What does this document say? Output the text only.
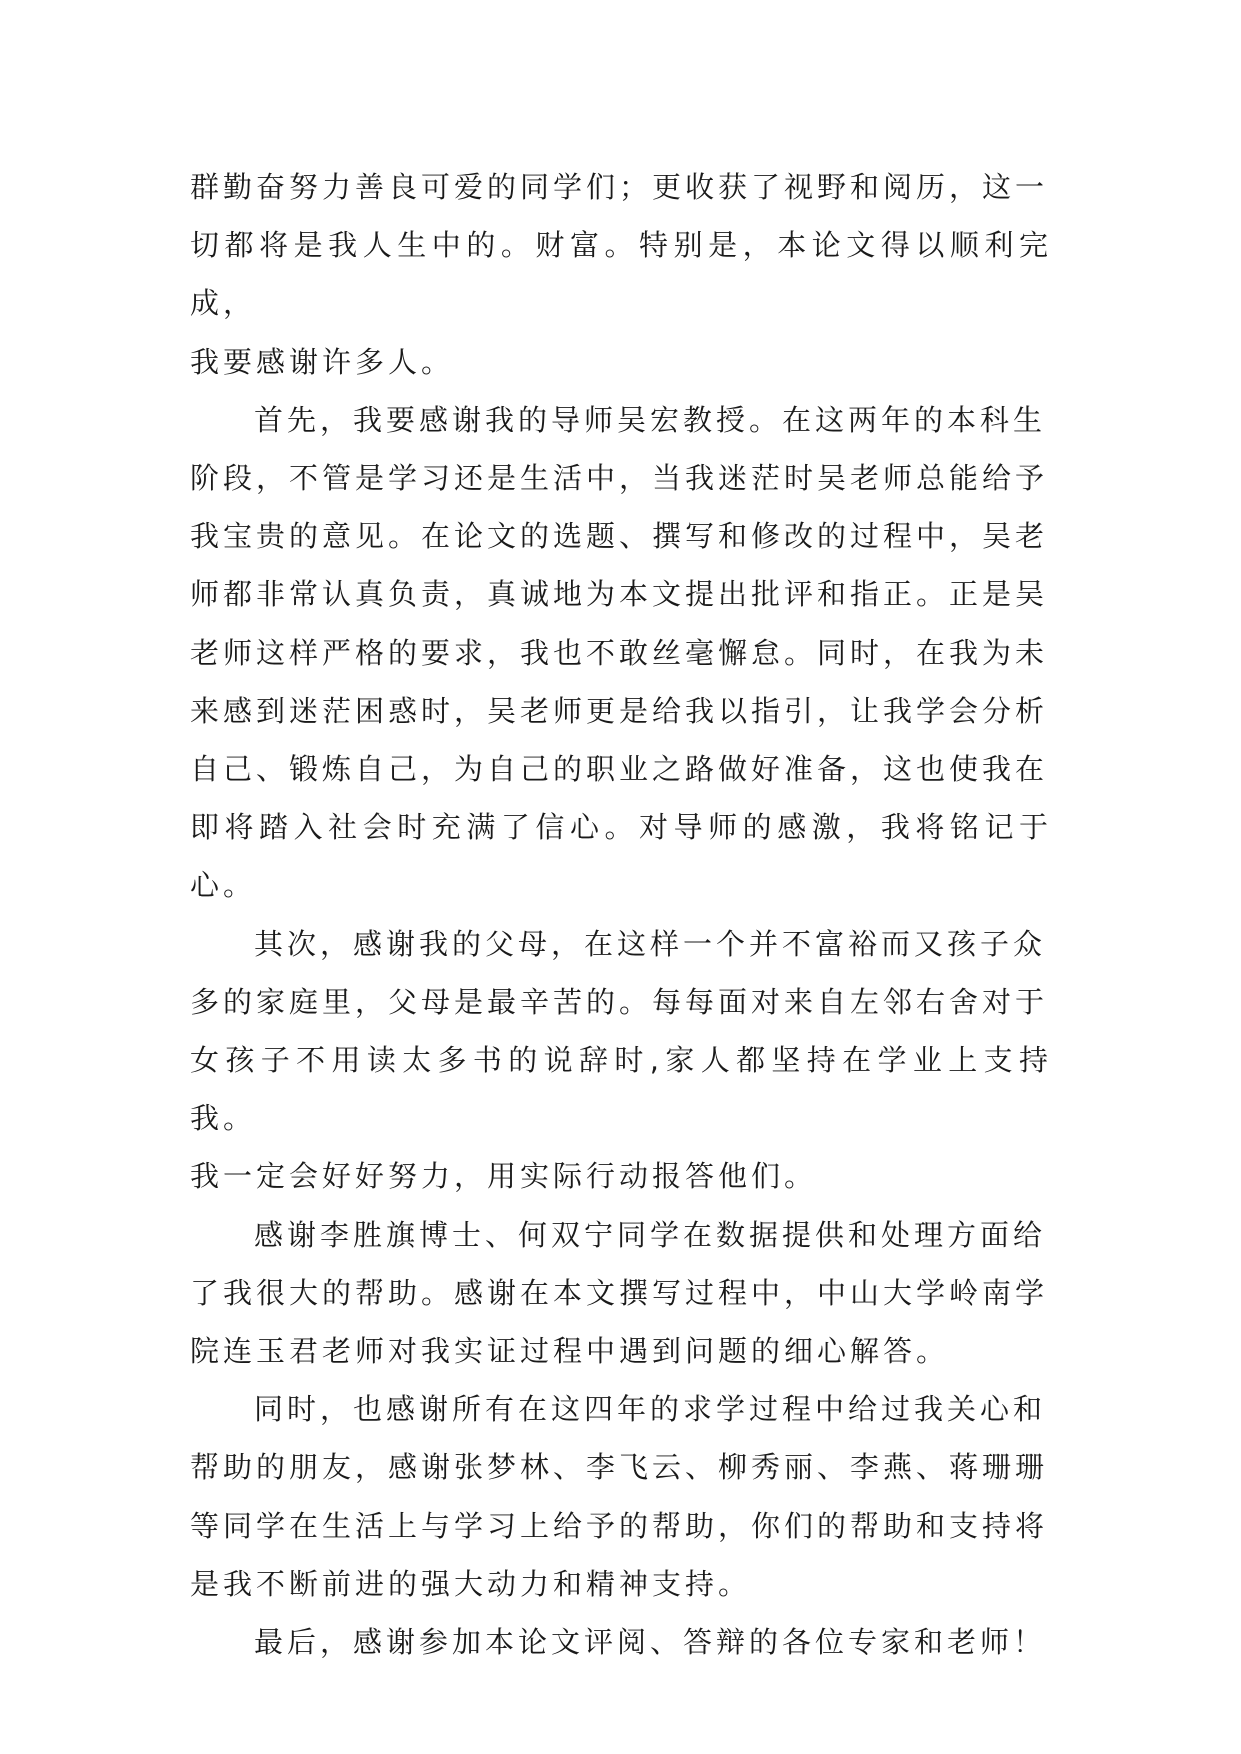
群勤奋努力善良可爱的同学们；更收获了视野和阅历，这一
切都将是我人生中的。财富。特别是，本论文得以顺利完成，
我要感谢许多人。

首先，我要感谢我的导师吴宏教授。在这两年的本科生
阶段，不管是学习还是生活中，当我迷茫时吴老师总能给予
我宝贵的意见。在论文的选题、撰写和修改的过程中，吴老
师都非常认真负责，真诚地为本文提出批评和指正。正是吴
老师这样严格的要求，我也不敢丝毫懈怠。同时，在我为未
来感到迷茫困惑时，吴老师更是给我以指引，让我学会分析
自己、锻炼自己，为自己的职业之路做好准备，这也使我在
即将踏入社会时充满了信心。对导师的感激，我将铭记于心。

其次，感谢我的父母，在这样一个并不富裕而又孩子众
多的家庭里，父母是最辛苦的。每每面对来自左邻右舍对于
女孩子不用读太多书的说辞时,家人都坚持在学业上支持我。
我一定会好好努力，用实际行动报答他们。

感谢李胜旗博士、何双宁同学在数据提供和处理方面给
了我很大的帮助。感谢在本文撰写过程中，中山大学岭南学
院连玉君老师对我实证过程中遇到问题的细心解答。

同时，也感谢所有在这四年的求学过程中给过我关心和
帮助的朋友，感谢张梦林、李飞云、柳秀丽、李燕、蒋珊珊
等同学在生活上与学习上给予的帮助，你们的帮助和支持将
是我不断前进的强大动力和精神支持。

最后，感谢参加本论文评阅、答辩的各位专家和老师！
